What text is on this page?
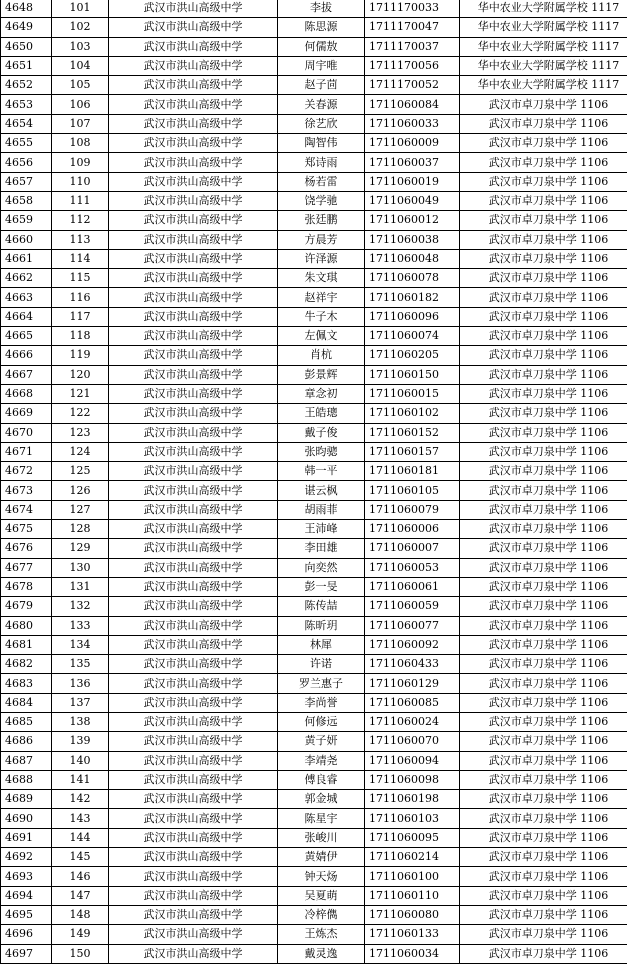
4648	101	武汉市洪山高级中学	李拔	1711170033	华中农业大学附属学校 1117
4649	102	武汉市洪山高级中学	陈思源	1711170047	华中农业大学附属学校 1117
4650	103	武汉市洪山高级中学	何儒敖	1711170037	华中农业大学附属学校 1117
4651	104	武汉市洪山高级中学	周宇唯	1711170056	华中农业大学附属学校 1117
4652	105	武汉市洪山高级中学	赵子茴	1711170052	华中农业大学附属学校 1117
4653	106	武汉市洪山高级中学	关春源	1711060084	武汉市卓刀泉中学 1106
4654	107	武汉市洪山高级中学	徐艺欣	1711060033	武汉市卓刀泉中学 1106
4655	108	武汉市洪山高级中学	陶智伟	1711060009	武汉市卓刀泉中学 1106
4656	109	武汉市洪山高级中学	郑诗雨	1711060037	武汉市卓刀泉中学 1106
4657	110	武汉市洪山高级中学	杨若雷	1711060019	武汉市卓刀泉中学 1106
4658	111	武汉市洪山高级中学	饶学驰	1711060049	武汉市卓刀泉中学 1106
4659	112	武汉市洪山高级中学	张廷鹏	1711060012	武汉市卓刀泉中学 1106
4660	113	武汉市洪山高级中学	方晨芳	1711060038	武汉市卓刀泉中学 1106
4661	114	武汉市洪山高级中学	许泽源	1711060048	武汉市卓刀泉中学 1106
4662	115	武汉市洪山高级中学	朱文琪	1711060078	武汉市卓刀泉中学 1106
4663	116	武汉市洪山高级中学	赵祥宇	1711060182	武汉市卓刀泉中学 1106
4664	117	武汉市洪山高级中学	牛子木	1711060096	武汉市卓刀泉中学 1106
4665	118	武汉市洪山高级中学	左佩文	1711060074	武汉市卓刀泉中学 1106
4666	119	武汉市洪山高级中学	肖杭	1711060205	武汉市卓刀泉中学 1106
4667	120	武汉市洪山高级中学	彭景辉	1711060150	武汉市卓刀泉中学 1106
4668	121	武汉市洪山高级中学	章念初	1711060015	武汉市卓刀泉中学 1106
4669	122	武汉市洪山高级中学	王皓璁	1711060102	武汉市卓刀泉中学 1106
4670	123	武汉市洪山高级中学	戴子俊	1711060152	武汉市卓刀泉中学 1106
4671	124	武汉市洪山高级中学	张昀骢	1711060157	武汉市卓刀泉中学 1106
4672	125	武汉市洪山高级中学	韩一平	1711060181	武汉市卓刀泉中学 1106
4673	126	武汉市洪山高级中学	谌云枫	1711060105	武汉市卓刀泉中学 1106
4674	127	武汉市洪山高级中学	胡雨菲	1711060079	武汉市卓刀泉中学 1106
4675	128	武汉市洪山高级中学	王沛峰	1711060006	武汉市卓刀泉中学 1106
4676	129	武汉市洪山高级中学	李田雄	1711060007	武汉市卓刀泉中学 1106
4677	130	武汉市洪山高级中学	向奕然	1711060053	武汉市卓刀泉中学 1106
4678	131	武汉市洪山高级中学	彭一旻	1711060061	武汉市卓刀泉中学 1106
4679	132	武汉市洪山高级中学	陈传喆	1711060059	武汉市卓刀泉中学 1106
4680	133	武汉市洪山高级中学	陈昕玥	1711060077	武汉市卓刀泉中学 1106
4681	134	武汉市洪山高级中学	林犀	1711060092	武汉市卓刀泉中学 1106
4682	135	武汉市洪山高级中学	许诺	1711060433	武汉市卓刀泉中学 1106
4683	136	武汉市洪山高级中学	罗兰惠子	1711060129	武汉市卓刀泉中学 1106
4684	137	武汉市洪山高级中学	李尚誉	1711060085	武汉市卓刀泉中学 1106
4685	138	武汉市洪山高级中学	何修远	1711060024	武汉市卓刀泉中学 1106
4686	139	武汉市洪山高级中学	黄子妍	1711060070	武汉市卓刀泉中学 1106
4687	140	武汉市洪山高级中学	李靖尧	1711060094	武汉市卓刀泉中学 1106
4688	141	武汉市洪山高级中学	傅良睿	1711060098	武汉市卓刀泉中学 1106
4689	142	武汉市洪山高级中学	郭金城	1711060198	武汉市卓刀泉中学 1106
4690	143	武汉市洪山高级中学	陈星宇	1711060103	武汉市卓刀泉中学 1106
4691	144	武汉市洪山高级中学	张峻川	1711060095	武汉市卓刀泉中学 1106
4692	145	武汉市洪山高级中学	黄婧伊	1711060214	武汉市卓刀泉中学 1106
4693	146	武汉市洪山高级中学	钟天炀	1711060100	武汉市卓刀泉中学 1106
4694	147	武汉市洪山高级中学	吴夏萌	1711060110	武汉市卓刀泉中学 1106
4695	148	武汉市洪山高级中学	冷梓儁	1711060080	武汉市卓刀泉中学 1106
4696	149	武汉市洪山高级中学	王炼杰	1711060133	武汉市卓刀泉中学 1106
4697	150	武汉市洪山高级中学	戴灵逸	1711060034	武汉市卓刀泉中学 1106
